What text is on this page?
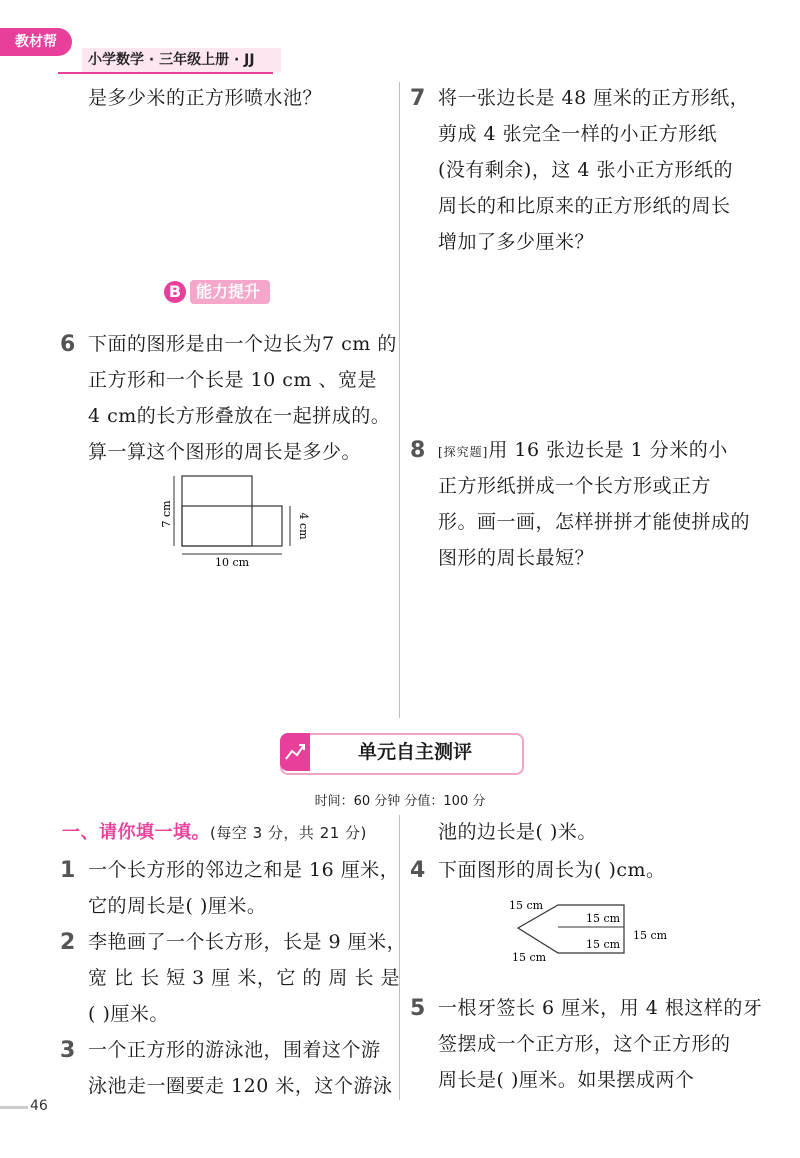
教材帮
小学数学 · 三年级上册 · JJ
是多少米的正方形喷水池？
B 能力提升
6 下面的图形是由一个边长为7 cm 的
正方形和一个长是 10 cm 、宽是
4 cm的长方形叠放在一起拼成的。
算一算这个图形的周长是多少。
7 cm	4 cm
10 cm
7 将一张边长是 48 厘米的正方形纸，
剪成 4 张完全一样的小正方形纸
(没有剩余)，这 4 张小正方形纸的
周长的和比原来的正方形纸的周长
增加了多少厘米？
8 [探究题]用 16 张边长是 1 分米的小
正方形纸拼成一个长方形或正方
形。画一画，怎样拼拼才能使拼成的
图形的周长最短？
单元自主测评
时间：60 分钟 分值：100 分
一、请你填一填。(每空 3 分，共 21 分)
1 一个长方形的邻边之和是 16 厘米，
它的周长是( )厘米。
2 李艳画了一个长方形，长是 9 厘米，
宽 比 长 短 3 厘 米，它 的 周 长 是
( )厘米。
3 一个正方形的游泳池，围着这个游
泳池走一圈要走 120 米，这个游泳
池的边长是( )米。
4 下面图形的周长为( )cm。
15 cm
15 cm
15 cm
15 cm
15 cm
5 一根牙签长 6 厘米，用 4 根这样的牙
签摆成一个正方形，这个正方形的
周长是( )厘米。如果摆成两个
46
